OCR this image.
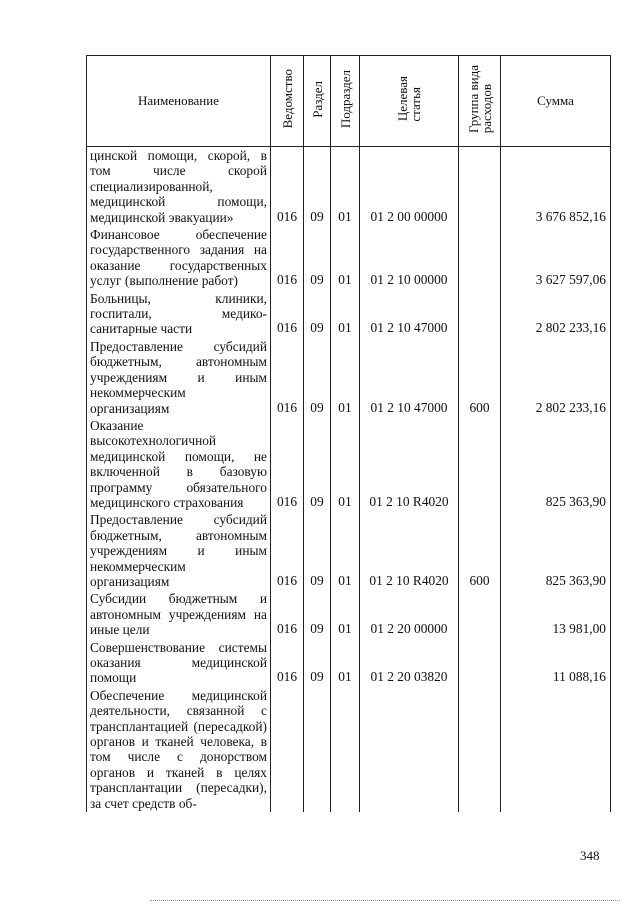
Наименование	Ведомство	Раздел	Подраздел	Целеваястатья	Группа видарасходов	Сумма

цинской помощи, скорой, в том числе скорой специализированной, медицинской помощи, медицинской эвакуации»	016	09	01	01 2 00 00000		3 676 852,16

Финансовое обеспечение государственного задания на оказание государственных услуг (выполнение работ)	016	09	01	01 2 10 00000		3 627 597,06

Больницы, клиники, госпитали, медико-санитарные части	016	09	01	01 2 10 47000		2 802 233,16

Предоставление субсидий бюджетным, автономным учреждениям и иным некоммерческим организациям	016	09	01	01 2 10 47000	600	2 802 233,16

Оказание высокотехнологичной медицинской помощи, не включенной в базовую программу обязательного медицинского страхования	016	09	01	01 2 10 R4020		825 363,90

Предоставление субсидий бюджетным, автономным учреждениям и иным некоммерческим организациям	016	09	01	01 2 10 R4020	600	825 363,90

Субсидии бюджетным и автономным учреждениям на иные цели	016	09	01	01 2 20 00000		13 981,00

Совершенствование системы оказания медицинской помощи	016	09	01	01 2 20 03820		11 088,16

Обеспечение медицинской деятельности, связанной с трансплантацией (пересадкой) органов и тканей человека, в том числе с донорством органов и тканей в целях трансплантации (пересадки), за счет средств об-						

348
